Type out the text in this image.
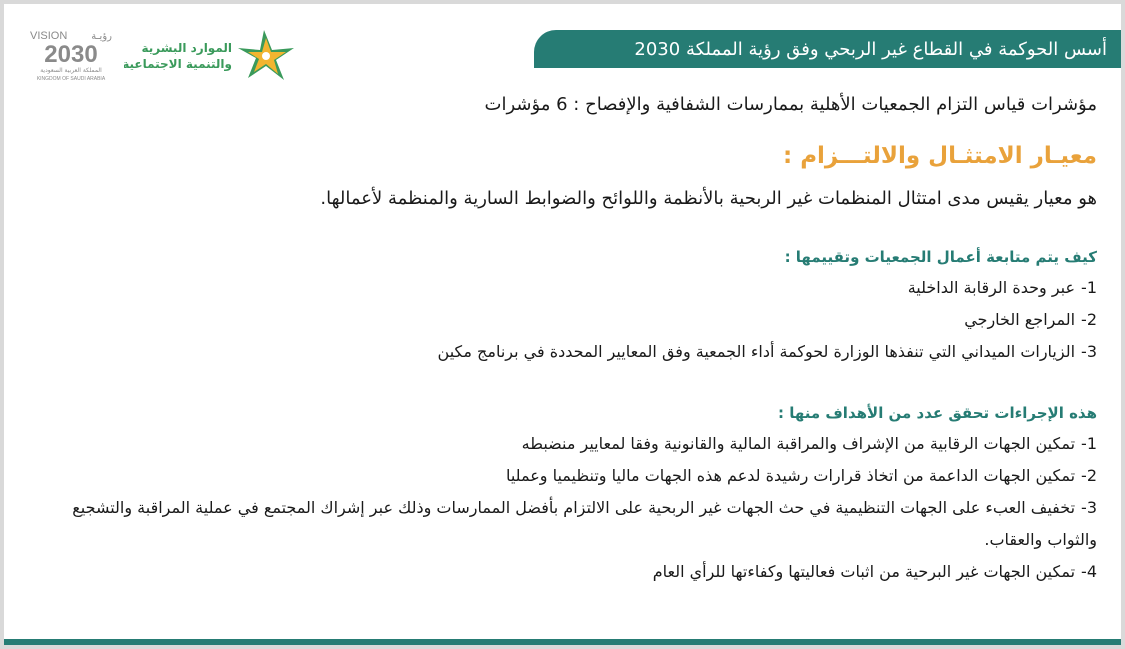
VISION رؤيـة
2030
المملكة العربية السعودية
KINGDOM OF SAUDI ARABIA
الموارد البشرية
والتنمية الاجتماعية
أسس الحوكمة في القطاع غير الربحي وفق رؤية المملكة 2030

مؤشرات قياس التزام الجمعيات الأهلية بممارسات الشفافية والإفصاح : 6 مؤشرات

معيـار الامتثـال والالتـــزام :

هو معيار يقيس مدى امتثال المنظمات غير الربحية بالأنظمة واللوائح والضوابط السارية والمنظمة لأعمالها.

كيف يتم متابعة أعمال الجمعيات وتقييمها :

1-عبر وحدة الرقابة الداخلية

2-المراجع الخارجي

3-الزيارات الميداني التي تنفذها الوزارة لحوكمة أداء الجمعية وفق المعايير المحددة في برنامج مكين

هذه الإجراءات تحقق عدد من الأهداف منها :

1-تمكين الجهات الرقابية من الإشراف والمراقبة المالية والقانونية وفقا لمعايير منضبطه

2-تمكين الجهات الداعمة من اتخاذ قرارات رشيدة لدعم هذه الجهات ماليا وتنظيميا وعمليا

3-تخفيف العبء على الجهات التنظيمية في حث الجهات غير الربحية على الالتزام بأفضل الممارسات وذلك عبر إشراك المجتمع في عملية المراقبة والتشجيع والثواب والعقاب.

4-تمكين الجهات غير البرحية من اثبات فعاليتها وكفاءتها للرأي العام
